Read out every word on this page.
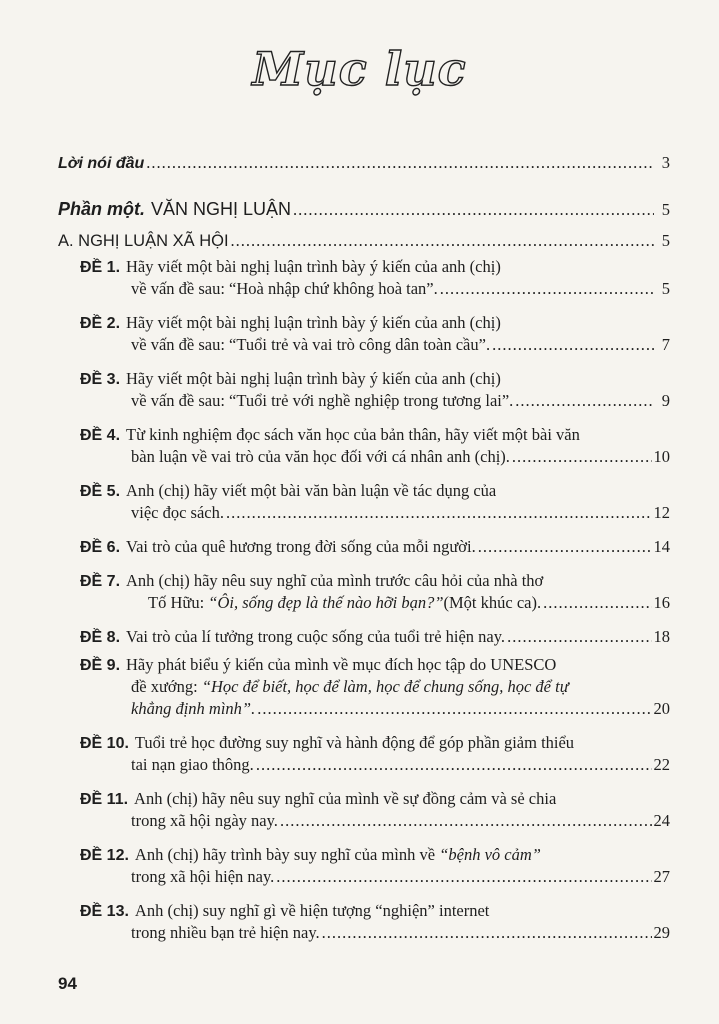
Mục lục
Lời nói đầu .....	3
Phần một. VĂN NGHỊ LUẬN .....	5
A. NGHỊ LUẬN XÃ HỘI .....	5
ĐỀ 1. Hãy viết một bài nghị luận trình bày ý kiến của anh (chị)
về vấn đề sau: “Hoà nhập chứ không hoà tan”. .....	5
ĐỀ 2. Hãy viết một bài nghị luận trình bày ý kiến của anh (chị)
về vấn đề sau: “Tuổi trẻ và vai trò công dân toàn cầu”. .....	7
ĐỀ 3. Hãy viết một bài nghị luận trình bày ý kiến của anh (chị)
về vấn đề sau: “Tuổi trẻ với nghề nghiệp trong tương lai”. .....	9
ĐỀ 4. Từ kinh nghiệm đọc sách văn học của bản thân, hãy viết một bài văn
bàn luận về vai trò của văn học đối với cá nhân anh (chị). .....	10
ĐỀ 5. Anh (chị) hãy viết một bài văn bàn luận về tác dụng của
việc đọc sách. .....	12
ĐỀ 6. Vai trò của quê hương trong đời sống của mỗi người. .....	14
ĐỀ 7. Anh (chị) hãy nêu suy nghĩ của mình trước câu hỏi của nhà thơ
Tố Hữu:
“Ôi, sống đẹp là thế nào hỡi bạn?” (Một khúc ca). .....	16
ĐỀ 8. Vai trò của lí tưởng trong cuộc sống của tuổi trẻ hiện nay. .....	18
ĐỀ 9. Hãy phát biểu ý kiến của mình về mục đích học tập do UNESCO
đề xướng:
“Học để biết, học để làm, học để chung sống, học để tự
khẳng định mình”. .....	20
ĐỀ 10. Tuổi trẻ học đường suy nghĩ và hành động để góp phần giảm thiểu
tai nạn giao thông. .....	22
ĐỀ 11. Anh (chị) hãy nêu suy nghĩ của mình về sự đồng cảm và sẻ chia
trong xã hội ngày nay. .....	24
ĐỀ 12. Anh (chị) hãy trình bày suy nghĩ của mình về
“bệnh vô cảm”
trong xã hội hiện nay. .....	27
ĐỀ 13. Anh (chị) suy nghĩ gì về hiện tượng “nghiện” internet
trong nhiều bạn trẻ hiện nay. .....	29
94
